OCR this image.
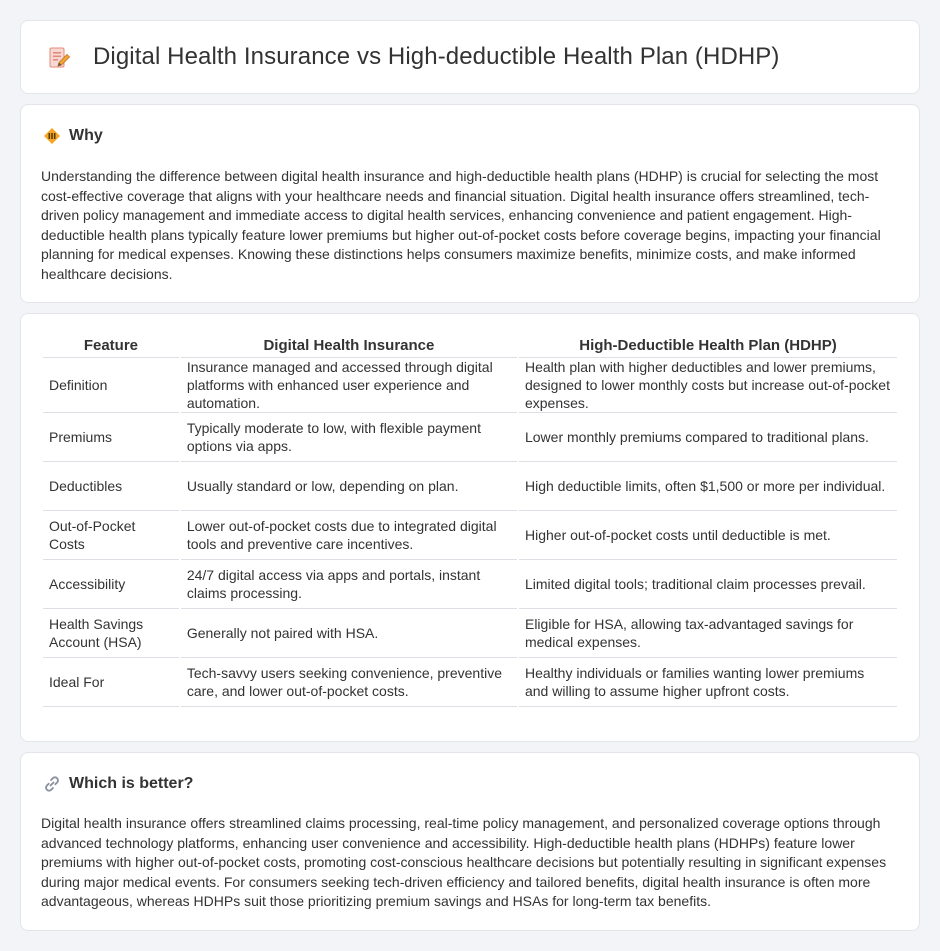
Digital Health Insurance vs High-deductible Health Plan (HDHP)
Why

Understanding the difference between digital health insurance and high-deductible health plans (HDHP) is crucial for selecting the most cost-effective coverage that aligns with your healthcare needs and financial situation. Digital health insurance offers streamlined, tech-driven policy management and immediate access to digital health services, enhancing convenience and patient engagement. High-deductible health plans typically feature lower premiums but higher out-of-pocket costs before coverage begins, impacting your financial planning for medical expenses. Knowing these distinctions helps consumers maximize benefits, minimize costs, and make informed healthcare decisions.

Feature	Digital Health Insurance	High-Deductible Health Plan (HDHP)
Definition	Insurance managed and accessed through digital platforms with enhanced user experience and automation.	Health plan with higher deductibles and lower premiums, designed to lower monthly costs but increase out-of-pocket expenses.
Premiums	Typically moderate to low, with flexible payment options via apps.	Lower monthly premiums compared to traditional plans.
Deductibles	Usually standard or low, depending on plan.	High deductible limits, often $1,500 or more per individual.
Out-of-Pocket Costs	Lower out-of-pocket costs due to integrated digital tools and preventive care incentives.	Higher out-of-pocket costs until deductible is met.
Accessibility	24/7 digital access via apps and portals, instant claims processing.	Limited digital tools; traditional claim processes prevail.
Health Savings Account (HSA)	Generally not paired with HSA.	Eligible for HSA, allowing tax-advantaged savings for medical expenses.
Ideal For	Tech-savvy users seeking convenience, preventive care, and lower out-of-pocket costs.	Healthy individuals or families wanting lower premiums and willing to assume higher upfront costs.
Which is better?

Digital health insurance offers streamlined claims processing, real-time policy management, and personalized coverage options through advanced technology platforms, enhancing user convenience and accessibility. High-deductible health plans (HDHPs) feature lower premiums with higher out-of-pocket costs, promoting cost-conscious healthcare decisions but potentially resulting in significant expenses during major medical events. For consumers seeking tech-driven efficiency and tailored benefits, digital health insurance is often more advantageous, whereas HDHPs suit those prioritizing premium savings and HSAs for long-term tax benefits.
